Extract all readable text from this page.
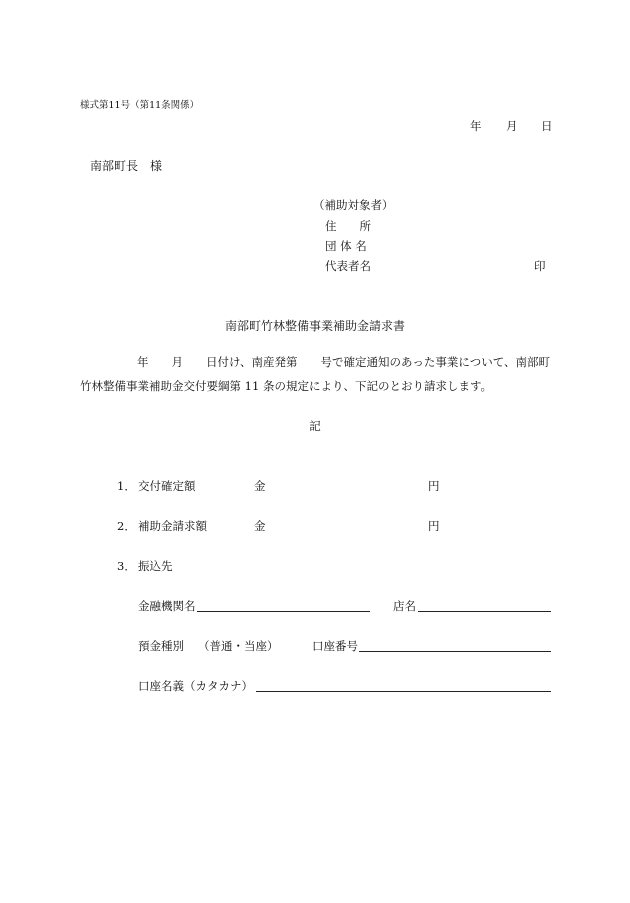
様式第11号（第11条関係）
年 月 日
南部町長　様
（補助対象者）
住　　所
団 体 名
代表者名	印
南部町竹林整備事業補助金請求書
年　　月　　日付け、南産発第　　号で確定通知のあった事業について、南部町
竹林整備事業補助金交付要綱第 11 条の規定により、下記のとおり請求します。
記
1． 交付確定額	金	円
2． 補助金請求額	金	円
3． 振込先
金融機関名	店名
預金種別 （普通・当座）	口座番号
口座名義（カタカナ）
